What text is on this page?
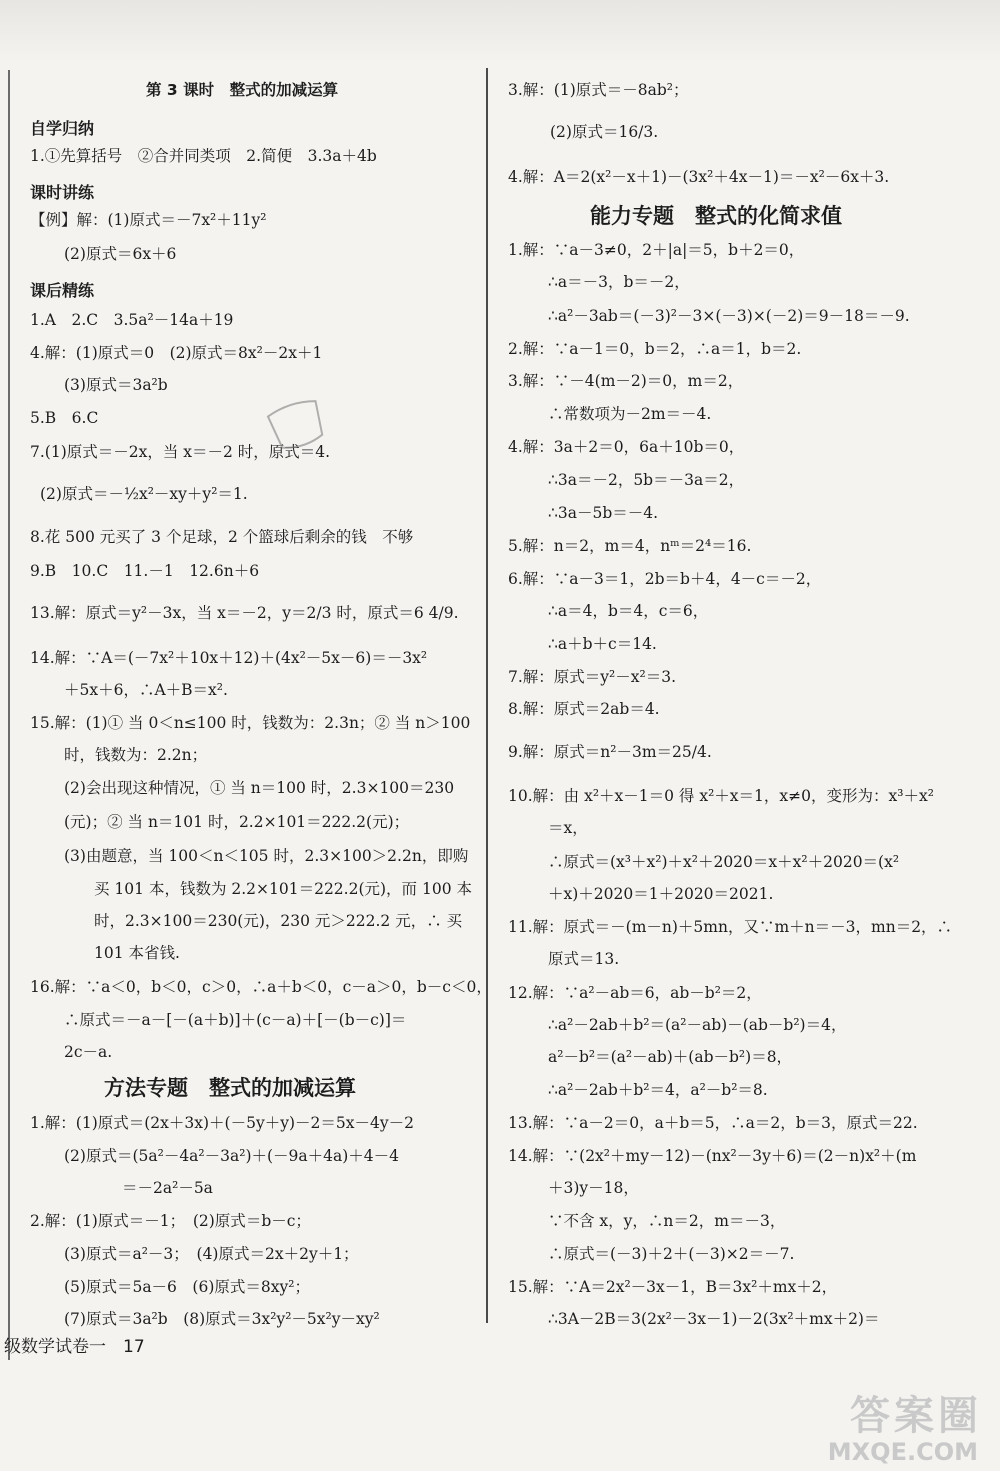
第 3 课时　整式的加减运算
自学归纳
1.①先算括号　②合并同类项　2.简便　3.3a＋4b
课时讲练
【例】解：(1)原式＝－7x²＋11y²
(2)原式＝6x＋6
课后精练
1.A　2.C　3.5a²－14a＋19
4.解：(1)原式＝0　(2)原式＝8x²－2x＋1
(3)原式＝3a²b
5.B　6.C
7.(1)原式＝－2x，当 x＝－2 时，原式＝4.
(2)原式＝－½x²－xy＋y²＝1.
8.花 500 元买了 3 个足球，2 个篮球后剩余的钱　不够
9.B　10.C　11.－1　12.6n＋6
13.解：原式＝y²－3x，当 x＝－2，y＝2/3 时，原式＝6 4/9.
14.解：∵A＝(－7x²＋10x＋12)＋(4x²－5x－6)＝－3x²
＋5x＋6，∴A＋B＝x².
15.解：(1)① 当 0＜n≤100 时，钱数为：2.3n；② 当 n＞100
时，钱数为：2.2n；
(2)会出现这种情况，① 当 n＝100 时，2.3×100＝230
(元)；② 当 n＝101 时，2.2×101＝222.2(元)；
(3)由题意，当 100＜n＜105 时，2.3×100＞2.2n，即购
买 101 本，钱数为 2.2×101＝222.2(元)，而 100 本
时，2.3×100＝230(元)，230 元＞222.2 元，∴ 买
101 本省钱.
16.解：∵a＜0，b＜0，c＞0，∴a＋b＜0，c－a＞0，b－c＜0，
∴原式＝－a－[－(a＋b)]＋(c－a)＋[－(b－c)]＝
2c－a.
方法专题　整式的加减运算
1.解：(1)原式＝(2x＋3x)＋(－5y＋y)－2＝5x－4y－2
(2)原式＝(5a²－4a²－3a²)＋(－9a＋4a)＋4－4
＝－2a²－5a
2.解：(1)原式＝－1；　(2)原式＝b－c；
(3)原式＝a²－3；　(4)原式＝2x＋2y＋1；
(5)原式＝5a－6　(6)原式＝8xy²；
(7)原式＝3a²b　(8)原式＝3x²y²－5x²y－xy²
3.解：(1)原式＝－8ab²；
(2)原式＝16/3.
4.解：A＝2(x²－x＋1)－(3x²＋4x－1)＝－x²－6x＋3.
能力专题　整式的化简求值
1.解：∵a－3≠0，2＋|a|＝5，b＋2＝0，
∴a＝－3，b＝－2，
∴a²－3ab＝(－3)²－3×(－3)×(－2)＝9－18＝－9.
2.解：∵a－1＝0，b＝2，∴a＝1，b＝2.
3.解：∵－4(m－2)＝0，m＝2，
∴常数项为－2m＝－4.
4.解：3a＋2＝0，6a＋10b＝0，
∴3a＝－2，5b＝－3a＝2，
∴3a－5b＝－4.
5.解：n＝2，m＝4，nᵐ＝2⁴＝16.
6.解：∵a－3＝1，2b＝b＋4，4－c＝－2，
∴a＝4，b＝4，c＝6，
∴a＋b＋c＝14.
7.解：原式＝y²－x²＝3.
8.解：原式＝2ab＝4.
9.解：原式＝n²－3m＝25/4.
10.解：由 x²＋x－1＝0 得 x²＋x＝1，x≠0，变形为：x³＋x²
＝x，
∴原式＝(x³＋x²)＋x²＋2020＝x＋x²＋2020＝(x²
＋x)＋2020＝1＋2020＝2021.
11.解：原式＝－(m－n)＋5mn，又∵m＋n＝－3，mn＝2，∴
原式＝13.
12.解：∵a²－ab＝6，ab－b²＝2，
∴a²－2ab＋b²＝(a²－ab)－(ab－b²)＝4，
a²－b²＝(a²－ab)＋(ab－b²)＝8，
∴a²－2ab＋b²＝4，a²－b²＝8.
13.解：∵a－2＝0，a＋b＝5，∴a＝2，b＝3，原式＝22.
14.解：∵(2x²＋my－12)－(nx²－3y＋6)＝(2－n)x²＋(m
＋3)y－18，
∵不含 x，y，∴n＝2，m＝－3，
∴原式＝(－3)＋2＋(－3)×2＝－7.
15.解：∵A＝2x²－3x－1，B＝3x²＋mx＋2，
∴3A－2B＝3(2x²－3x－1)－2(3x²＋mx＋2)＝
级数学试卷一　17
答案圈
MXQE.COM
